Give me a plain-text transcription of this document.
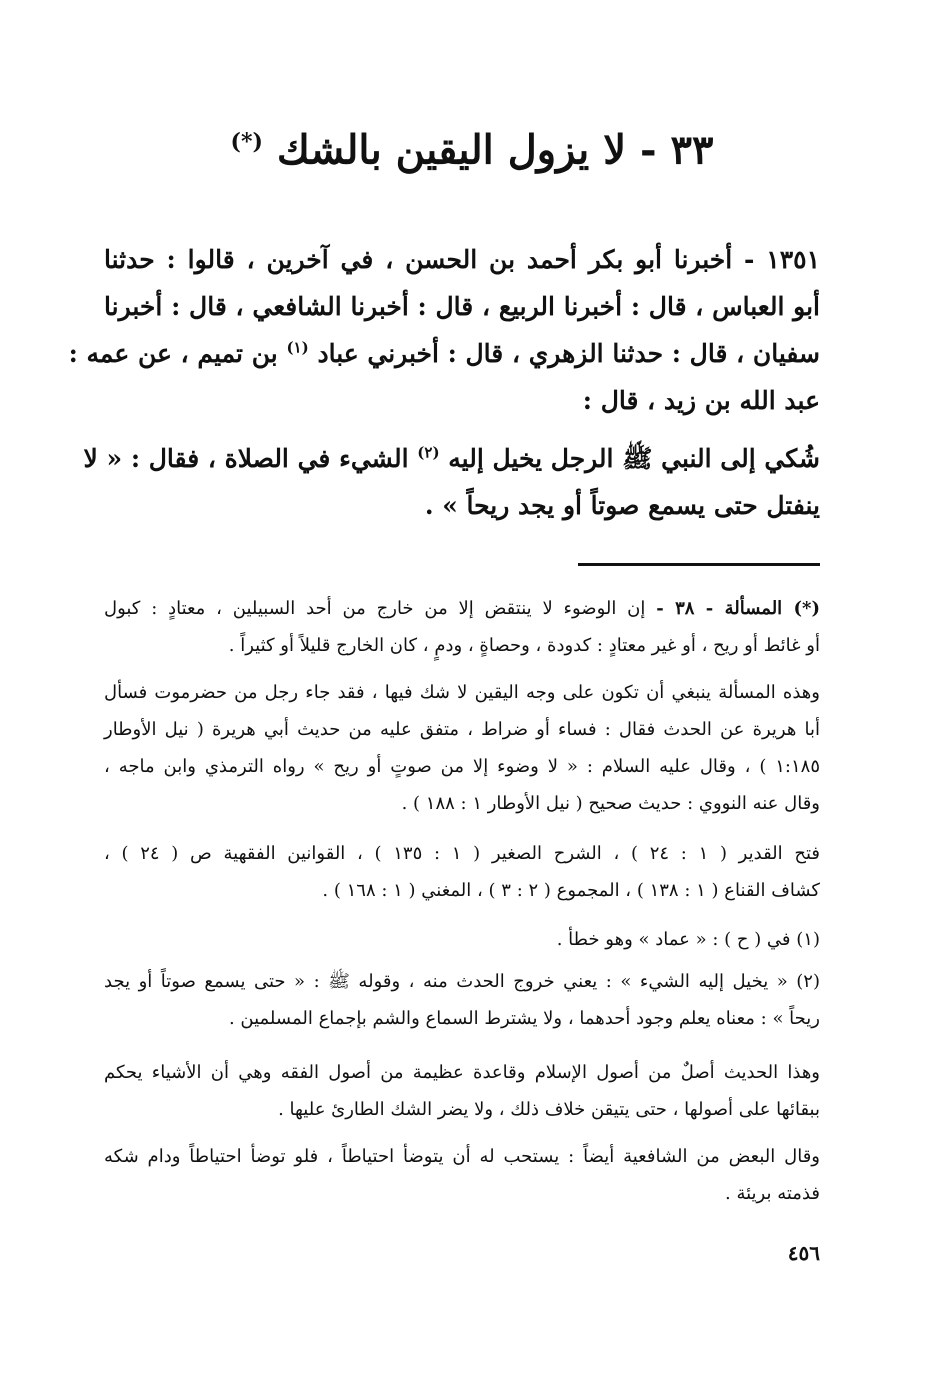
٣٣ - لا يزول اليقين بالشك (*)
١٣٥١ - أخبرنا أبو بكر أحمد بن الحسن ، في آخرين ، قالوا : حدثنا
أبو العباس ، قال : أخبرنا الربيع ، قال : أخبرنا الشافعي ، قال : أخبرنا
سفيان ، قال : حدثنا الزهري ، قال : أخبرني عباد $^{(١)}$ بن تميم ، عن عمه :
عبد الله بن زيد ، قال :
شُكي إلى النبي ﷺ الرجل يخيل إليه $^{(٢)}$ الشيء في الصلاة ، فقال : « لا
ينفتل حتى يسمع صوتاً أو يجد ريحاً » .
(*) المسألة - ٣٨ - إن الوضوء لا ينتقض إلا من خارج من أحد السبيلين ، معتادٍ : كبول
أو غائط أو ريح ، أو غير معتادٍ : كدودة ، وحصاةٍ ، ودمٍ ، كان الخارج قليلاً أو كثيراً .
وهذه المسألة ينبغي أن تكون على وجه اليقين لا شك فيها ، فقد جاء رجل من حضرموت فسأل
أبا هريرة عن الحدث فقال : فساء أو ضراط ، متفق عليه من حديث أبي هريرة ( نيل الأوطار
١:١٨٥ ) ، وقال عليه السلام : « لا وضوء إلا من صوتٍ أو ريح » رواه الترمذي وابن ماجه ،
وقال عنه النووي : حديث صحيح ( نيل الأوطار ١ : ١٨٨ ) .
فتح القدير ( ١ : ٢٤ ) ، الشرح الصغير ( ١ : ١٣٥ ) ، القوانين الفقهية ص ( ٢٤ ) ،
كشاف القناع ( ١ : ١٣٨ ) ، المجموع ( ٢ : ٣ ) ، المغني ( ١ : ١٦٨ ) .
(١) في ( ح ) : « عماد » وهو خطأ .
(٢) « يخيل إليه الشيء » : يعني خروج الحدث منه ، وقوله ﷺ : « حتى يسمع صوتاً أو يجد
ريحاً » : معناه يعلم وجود أحدهما ، ولا يشترط السماع والشم بإجماع المسلمين .
وهذا الحديث أصلٌ من أصول الإسلام وقاعدة عظيمة من أصول الفقه وهي أن الأشياء يحكم
ببقائها على أصولها ، حتى يتيقن خلاف ذلك ، ولا يضر الشك الطارئ عليها .
وقال البعض من الشافعية أيضاً : يستحب له أن يتوضأ احتياطاً ، فلو توضأ احتياطاً ودام شكه
فذمته بريئة .
٤٥٦
